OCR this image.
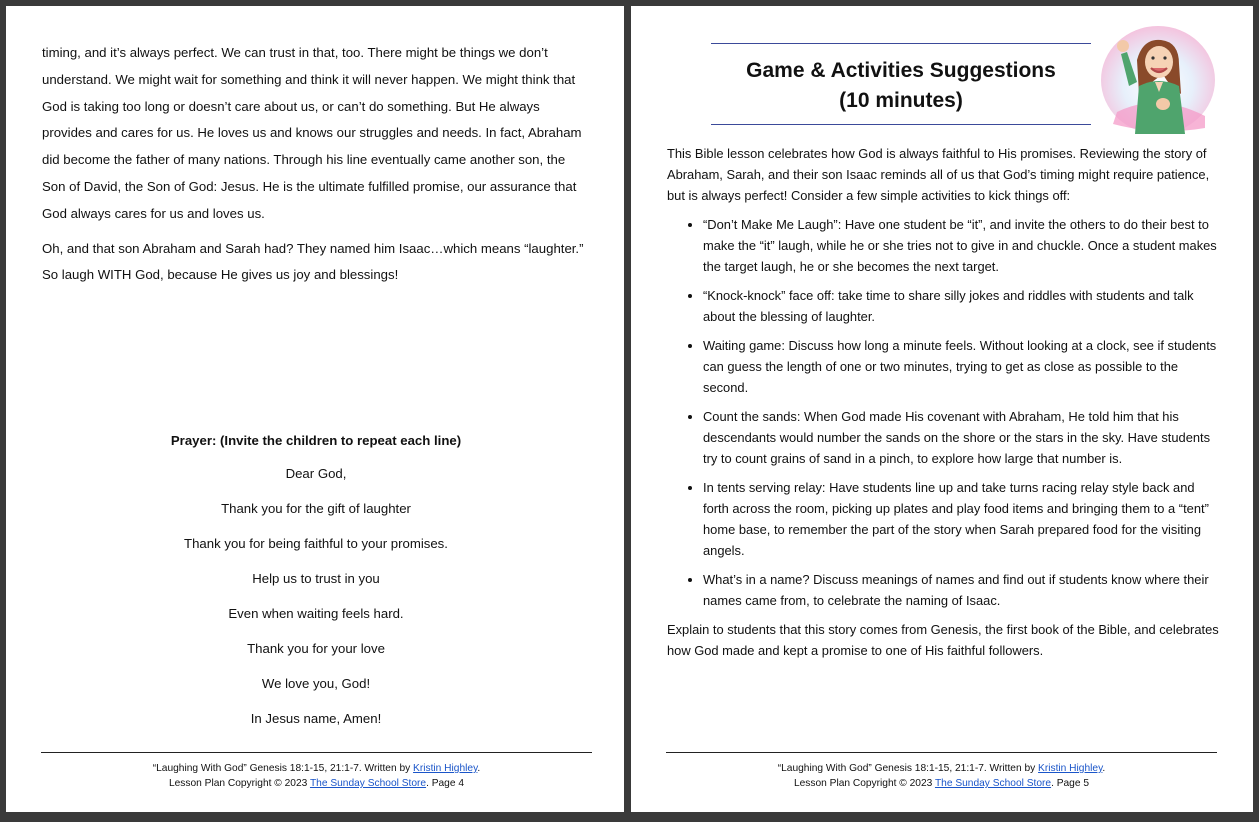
timing, and it’s always perfect. We can trust in that, too. There might be things we don’t understand. We might wait for something and think it will never happen. We might think that God is taking too long or doesn’t care about us, or can’t do something. But He always provides and cares for us. He loves us and knows our struggles and needs. In fact, Abraham did become the father of many nations. Through his line eventually came another son, the Son of David, the Son of God: Jesus. He is the ultimate fulfilled promise, our assurance that God always cares for us and loves us.

Oh, and that son Abraham and Sarah had? They named him Isaac…which means “laughter.” So laugh WITH God, because He gives us joy and blessings!

Prayer: (Invite the children to repeat each line)

Dear God,

Thank you for the gift of laughter

Thank you for being faithful to your promises.

Help us to trust in you

Even when waiting feels hard.

Thank you for your love

We love you, God!

In Jesus name, Amen!

“Laughing With God” Genesis 18:1-15, 21:1-7. Written by Kristin Highley.
Lesson Plan Copyright © 2023 The Sunday School Store. Page 4
Game & Activities Suggestions
(10 minutes)

This Bible lesson celebrates how God is always faithful to His promises. Reviewing the story of Abraham, Sarah, and their son Isaac reminds all of us that God’s timing might require patience, but is always perfect! Consider a few simple activities to kick things off:

• “Don’t Make Me Laugh”: Have one student be “it”, and invite the others to do their best to make the “it” laugh, while he or she tries not to give in and chuckle. Once a student makes the target laugh, he or she becomes the next target.
• “Knock-knock” face off: take time to share silly jokes and riddles with students and talk about the blessing of laughter.
• Waiting game: Discuss how long a minute feels. Without looking at a clock, see if students can guess the length of one or two minutes, trying to get as close as possible to the second.
• Count the sands: When God made His covenant with Abraham, He told him that his descendants would number the sands on the shore or the stars in the sky. Have students try to count grains of sand in a pinch, to explore how large that number is.
• In tents serving relay: Have students line up and take turns racing relay style back and forth across the room, picking up plates and play food items and bringing them to a “tent” home base, to remember the part of the story when Sarah prepared food for the visiting angels.
• What’s in a name? Discuss meanings of names and find out if students know where their names came from, to celebrate the naming of Isaac.

Explain to students that this story comes from Genesis, the first book of the Bible, and celebrates how God made and kept a promise to one of His faithful followers.

“Laughing With God” Genesis 18:1-15, 21:1-7. Written by Kristin Highley.
Lesson Plan Copyright © 2023 The Sunday School Store. Page 5
